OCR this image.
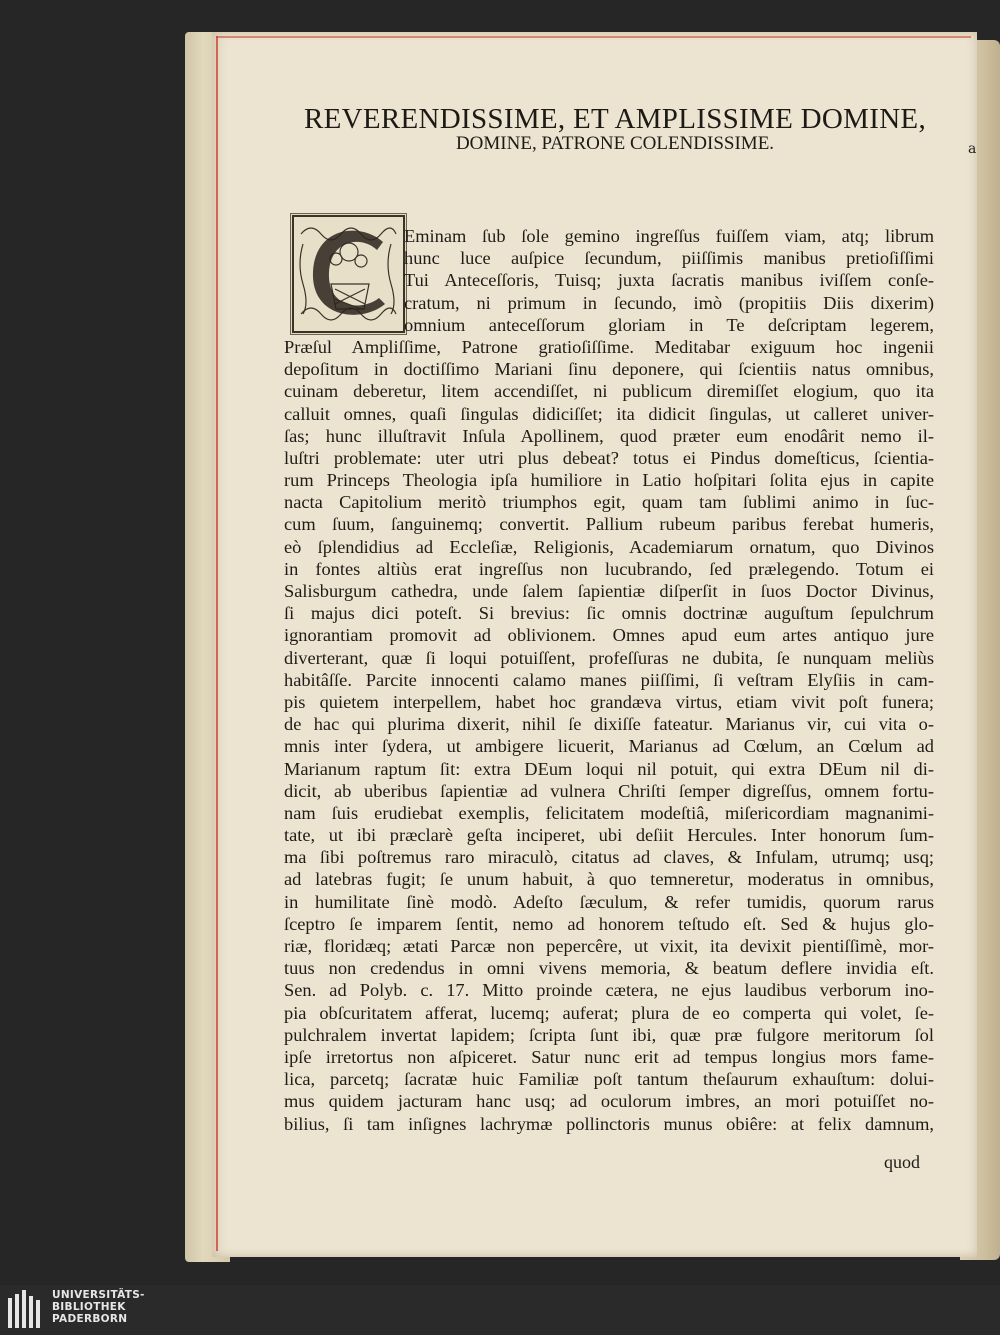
REVERENDISSIME, ET AMPLISSIME DOMINE,
DOMINE, PATRONE COLENDISSIME.	a
Eminam ſub ſole gemino ingreſſus fuiſſem viam, atq; librum
hunc luce auſpice ſecundum, piiſſimis manibus pretioſiſſimi
Tui Anteceſſoris, Tuisq; juxta ſacratis manibus iviſſem conſe-
cratum, ni primum in ſecundo, imò (propitiis Diis dixerim)
omnium anteceſſorum gloriam in Te deſcriptam legerem,
Præſul Ampliſſime, Patrone gratioſiſſime. Meditabar exiguum hoc ingenii
depoſitum in doctiſſimo Mariani ſinu deponere, qui ſcientiis natus omnibus,
cuinam deberetur, litem accendiſſet, ni publicum diremiſſet elogium, quo ita
calluit omnes, quaſi ſingulas didiciſſet; ita didicit ſingulas, ut calleret univer-
ſas; hunc illuſtravit Inſula Apollinem, quod præter eum enodârit nemo il-
luſtri problemate: uter utri plus debeat? totus ei Pindus domeſticus, ſcientia-
rum Princeps Theologia ipſa humiliore in Latio hoſpitari ſolita ejus in capite
nacta Capitolium meritò triumphos egit, quam tam ſublimi animo in ſuc-
cum ſuum, ſanguinemq; convertit. Pallium rubeum paribus ferebat humeris,
eò ſplendidius ad Eccleſiæ, Religionis, Academiarum ornatum, quo Divinos
in fontes altiùs erat ingreſſus non lucubrando, ſed prælegendo. Totum ei
Salisburgum cathedra, unde ſalem ſapientiæ diſperſit in ſuos Doctor Divinus,
ſi majus dici poteſt. Si brevius: ſic omnis doctrinæ auguſtum ſepulchrum
ignorantiam promovit ad oblivionem. Omnes apud eum artes antiquo jure
diverterant, quæ ſi loqui potuiſſent, profeſſuras ne dubita, ſe nunquam meliùs
habitâſſe. Parcite innocenti calamo manes piiſſimi, ſi veſtram Elyſiis in cam-
pis quietem interpellem, habet hoc grandæva virtus, etiam vivit poſt funera;
de hac qui plurima dixerit, nihil ſe dixiſſe fateatur. Marianus vir, cui vita o-
mnis inter ſydera, ut ambigere licuerit, Marianus ad Cœlum, an Cœlum ad
Marianum raptum ſit: extra DEum loqui nil potuit, qui extra DEum nil di-
dicit, ab uberibus ſapientiæ ad vulnera Chriſti ſemper digreſſus, omnem fortu-
nam ſuis erudiebat exemplis, felicitatem modeſtiâ, miſericordiam magnanimi-
tate, ut ibi præclarè geſta inciperet, ubi deſiit Hercules. Inter honorum ſum-
ma ſibi poſtremus raro miraculò, citatus ad claves, & Infulam, utrumq; usq;
ad latebras fugit; ſe unum habuit, à quo temneretur, moderatus in omnibus,
in humilitate ſinè modò. Adeſto ſæculum, & refer tumidis, quorum rarus
ſceptro ſe imparem ſentit, nemo ad honorem teſtudo eſt. Sed & hujus glo-
riæ, floridæq; ætati Parcæ non pepercêre, ut vixit, ita devixit pientiſſimè, mor-
tuus non credendus in omni vivens memoria, & beatum deflere invidia eſt.
Sen. ad Polyb. c. 17. Mitto proinde cætera, ne ejus laudibus verborum ino-
pia obſcuritatem afferat, lucemq; auferat; plura de eo comperta qui volet, ſe-
pulchralem invertat lapidem; ſcripta ſunt ibi, quæ præ fulgore meritorum ſol
ipſe irretortus non aſpiceret. Satur nunc erit ad tempus longius mors fame-
lica, parcetq; ſacratæ huic Familiæ poſt tantum theſaurum exhauſtum: dolui-
mus quidem jacturam hanc usq; ad oculorum imbres, an mori potuiſſet no-
bilius, ſi tam inſignes lachrymæ pollinctoris munus obiêre: at felix damnum,
quod
UNIVERSITÄTS-
BIBLIOTHEK
PADERBORN
